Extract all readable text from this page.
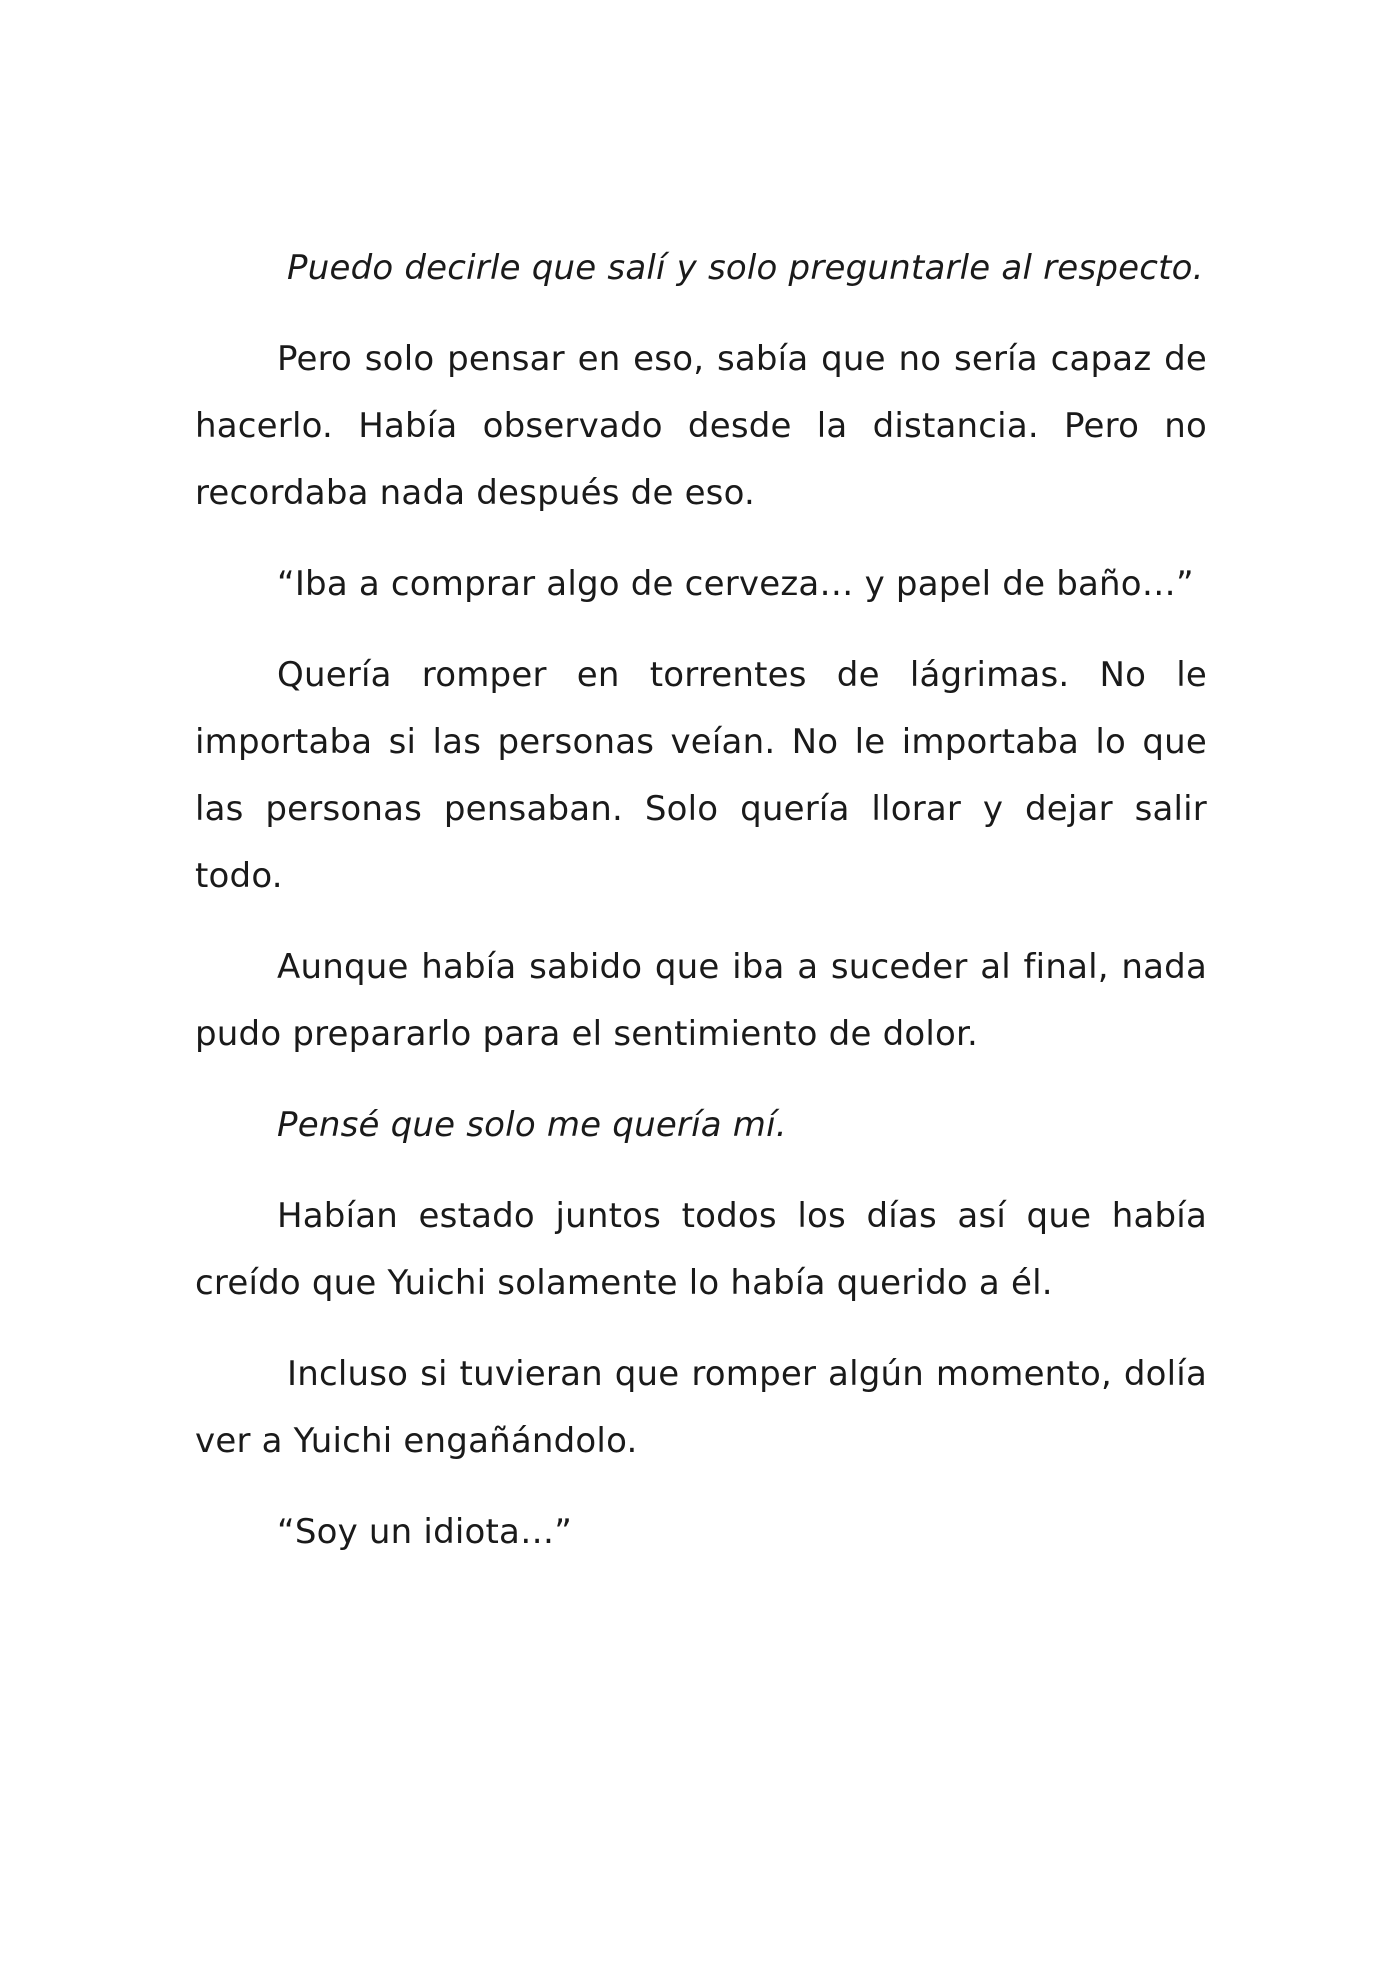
Puedo decirle que salí y solo preguntarle al respecto.

Pero solo pensar en eso, sabía que no sería capaz de hacerlo. Había observado desde la distancia. Pero no recordaba nada después de eso.

“Iba a comprar algo de cerveza… y papel de baño…”

Quería romper en torrentes de lágrimas. No le importaba si las personas veían. No le importaba lo que las personas pensaban. Solo quería llorar y dejar salir todo.

Aunque había sabido que iba a suceder al final, nada pudo prepararlo para el sentimiento de dolor.

Pensé que solo me quería mí.

Habían estado juntos todos los días así que había creído que Yuichi solamente lo había querido a él.

Incluso si tuvieran que romper algún momento, dolía ver a Yuichi engañándolo.

“Soy un idiota…”
